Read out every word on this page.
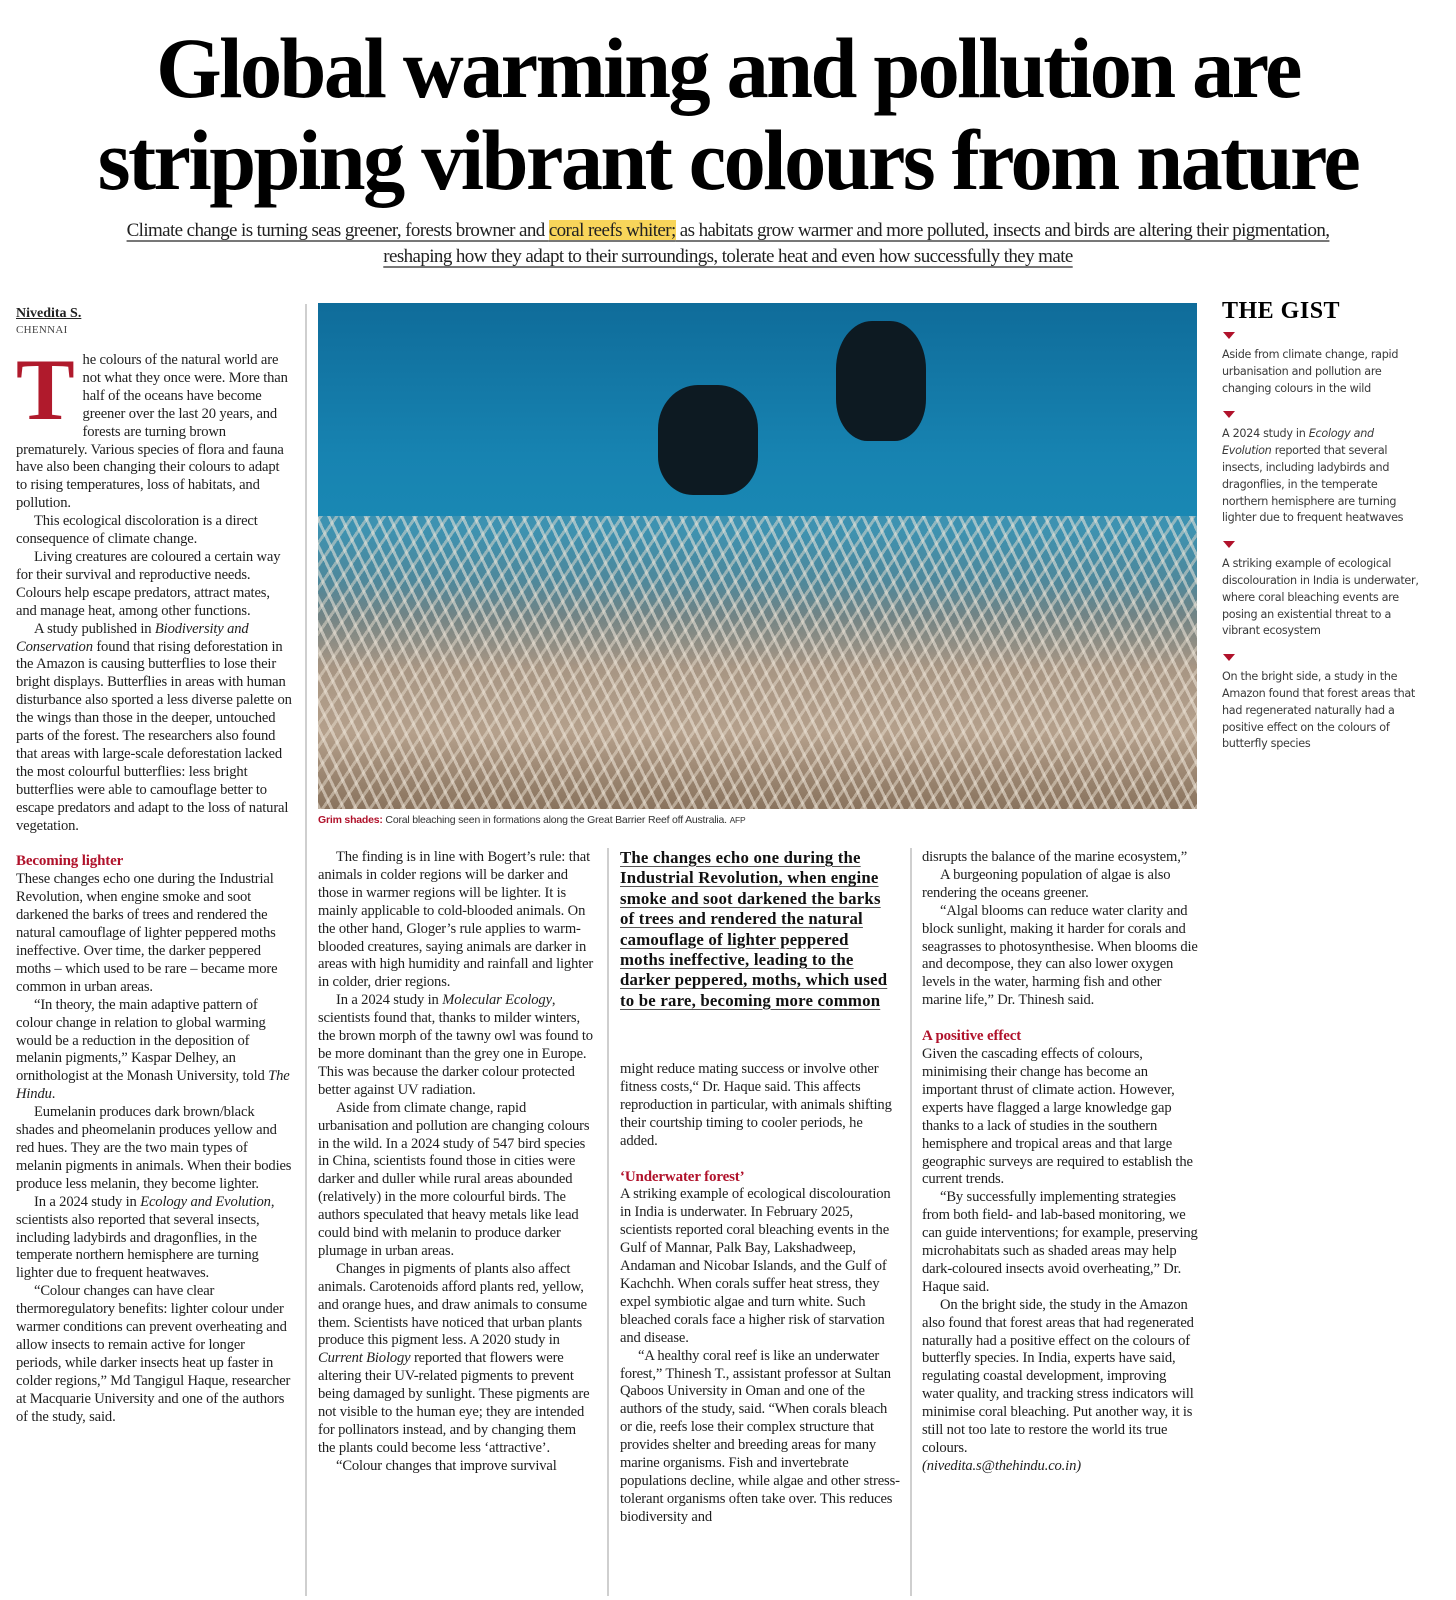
Global warming and pollution are
stripping vibrant colours from nature
Climate change is turning seas greener, forests browner and coral reefs whiter; as habitats grow warmer and more polluted, insects and birds are altering their pigmentation,
reshaping how they adapt to their surroundings, tolerate heat and even how successfully they mate
Nivedita S.
CHENNAI
T he colours of the natural world are not what they once were. More than half of the oceans have become greener over the last 20 years, and forests are turning brown prematurely. Various species of flora and fauna have also been changing their colours to adapt to rising temperatures, loss of habitats, and pollution.

This ecological discoloration is a direct consequence of climate change.

Living creatures are coloured a certain way for their survival and reproductive needs. Colours help escape predators, attract mates, and manage heat, among other functions.

A study published in Biodiversity and Conservation found that rising deforestation in the Amazon is causing butterflies to lose their bright displays. Butterflies in areas with human disturbance also sported a less diverse palette on the wings than those in the deeper, untouched parts of the forest. The researchers also found that areas with large-scale deforestation lacked the most colourful butterflies: less bright butterflies were able to camouflage better to escape predators and adapt to the loss of natural vegetation.

Becoming lighter

These changes echo one during the Industrial Revolution, when engine smoke and soot darkened the barks of trees and rendered the natural camouflage of lighter peppered moths ineffective. Over time, the darker peppered moths – which used to be rare – became more common in urban areas.

“In theory, the main adaptive pattern of colour change in relation to global warming would be a reduction in the deposition of melanin pigments,” Kaspar Delhey, an ornithologist at the Monash University, told The Hindu.

Eumelanin produces dark brown/black shades and pheomelanin produces yellow and red hues. They are the two main types of melanin pigments in animals. When their bodies produce less melanin, they become lighter.

In a 2024 study in Ecology and Evolution, scientists also reported that several insects, including ladybirds and dragonflies, in the temperate northern hemisphere are turning lighter due to frequent heatwaves.

“Colour changes can have clear thermoregulatory benefits: lighter colour under warmer conditions can prevent overheating and allow insects to remain active for longer periods, while darker insects heat up faster in colder regions,” Md Tangigul Haque, researcher at Macquarie University and one of the authors of the study, said.

Grim shades: Coral bleaching seen in formations along the Great Barrier Reef off Australia. AFP

The finding is in line with Bogert’s rule: that animals in colder regions will be darker and those in warmer regions will be lighter. It is mainly applicable to cold-blooded animals. On the other hand, Gloger’s rule applies to warm-blooded creatures, saying animals are darker in areas with high humidity and rainfall and lighter in colder, drier regions.

In a 2024 study in Molecular Ecology, scientists found that, thanks to milder winters, the brown morph of the tawny owl was found to be more dominant than the grey one in Europe. This was because the darker colour protected better against UV radiation.

Aside from climate change, rapid urbanisation and pollution are changing colours in the wild. In a 2024 study of 547 bird species in China, scientists found those in cities were darker and duller while rural areas abounded (relatively) in the more colourful birds. The authors speculated that heavy metals like lead could bind with melanin to produce darker plumage in urban areas.

Changes in pigments of plants also affect animals. Carotenoids afford plants red, yellow, and orange hues, and draw animals to consume them. Scientists have noticed that urban plants produce this pigment less. A 2020 study in Current Biology reported that flowers were altering their UV-related pigments to prevent being damaged by sunlight. These pigments are not visible to the human eye; they are intended for pollinators instead, and by changing them the plants could become less ‘attractive’.

“Colour changes that improve survival

The changes echo one during the Industrial Revolution, when engine smoke and soot darkened the barks of trees and rendered the natural camouflage of lighter peppered moths ineffective, leading to the darker peppered, moths, which used to be rare, becoming more common

might reduce mating success or involve other fitness costs,“ Dr. Haque said. This affects reproduction in particular, with animals shifting their courtship timing to cooler periods, he added.

‘Underwater forest’

A striking example of ecological discolouration in India is underwater. In February 2025, scientists reported coral bleaching events in the Gulf of Mannar, Palk Bay, Lakshadweep, Andaman and Nicobar Islands, and the Gulf of Kachchh. When corals suffer heat stress, they expel symbiotic algae and turn white. Such bleached corals face a higher risk of starvation and disease.

“A healthy coral reef is like an underwater forest,” Thinesh T., assistant professor at Sultan Qaboos University in Oman and one of the authors of the study, said. “When corals bleach or die, reefs lose their complex structure that provides shelter and breeding areas for many marine organisms. Fish and invertebrate populations decline, while algae and other stress-tolerant organisms often take over. This reduces biodiversity and

disrupts the balance of the marine ecosystem,”

A burgeoning population of algae is also rendering the oceans greener.

“Algal blooms can reduce water clarity and block sunlight, making it harder for corals and seagrasses to photosynthesise. When blooms die and decompose, they can also lower oxygen levels in the water, harming fish and other marine life,” Dr. Thinesh said.

A positive effect

Given the cascading effects of colours, minimising their change has become an important thrust of climate action. However, experts have flagged a large knowledge gap thanks to a lack of studies in the southern hemisphere and tropical areas and that large geographic surveys are required to establish the current trends.

“By successfully implementing strategies from both field- and lab-based monitoring, we can guide interventions; for example, preserving microhabitats such as shaded areas may help dark-coloured insects avoid overheating,” Dr. Haque said.

On the bright side, the study in the Amazon also found that forest areas that had regenerated naturally had a positive effect on the colours of butterfly species. In India, experts have said, regulating coastal development, improving water quality, and tracking stress indicators will minimise coral bleaching. Put another way, it is still not too late to restore the world its true colours.

(nivedita.s@thehindu.co.in)

THE GIST
Aside from climate change, rapid urbanisation and pollution are changing colours in the wild
A 2024 study in Ecology and Evolution reported that several insects, including ladybirds and dragonflies, in the temperate northern hemisphere are turning lighter due to frequent heatwaves
A striking example of ecological discolouration in India is underwater, where coral bleaching events are posing an existential threat to a vibrant ecosystem
On the bright side, a study in the Amazon found that forest areas that had regenerated naturally had a positive effect on the colours of butterfly species
